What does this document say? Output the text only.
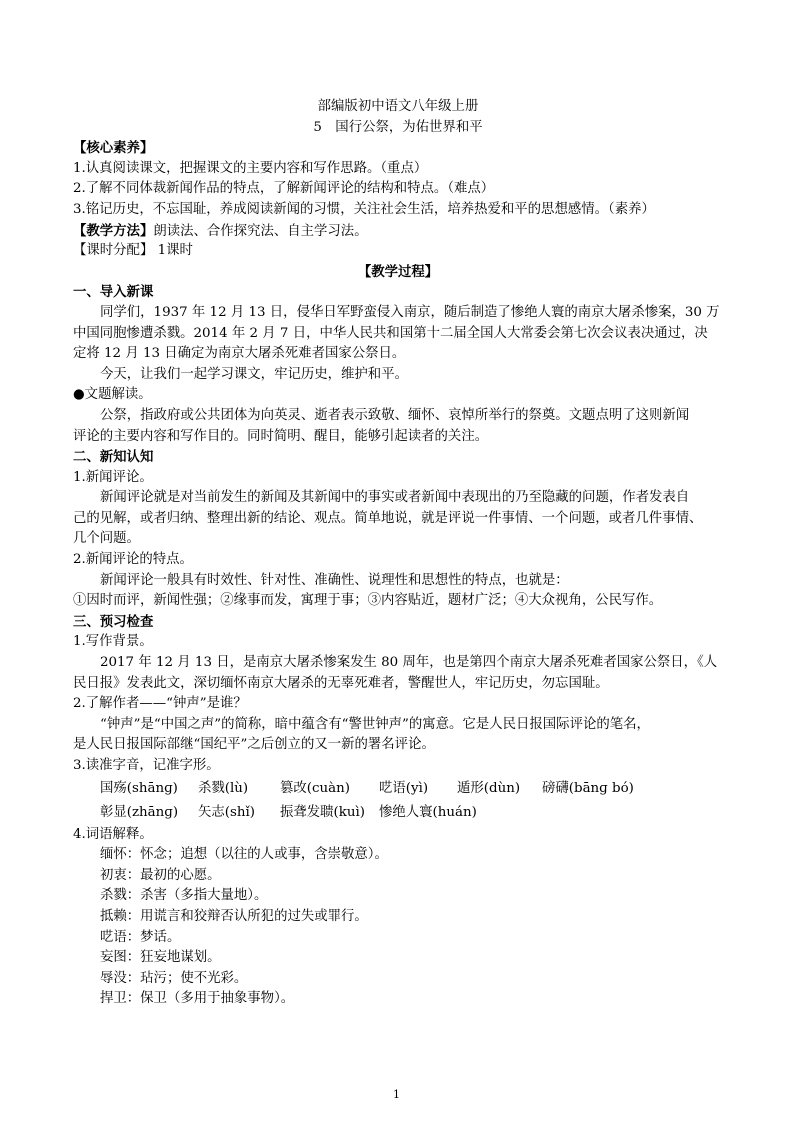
部编版初中语文八年级上册
5　国行公祭，为佑世界和平
【核心素养】
1.认真阅读课文，把握课文的主要内容和写作思路。（重点）
2.了解不同体裁新闻作品的特点，了解新闻评论的结构和特点。（难点）
3.铭记历史，不忘国耻，养成阅读新闻的习惯，关注社会生活，培养热爱和平的思想感情。（素养）
【教学方法】朗读法、合作探究法、自主学习法。
【课时分配】 1课时
【教学过程】
一、导入新课
同学们，1937 年 12 月 13 日，侵华日军野蛮侵入南京，随后制造了惨绝人寰的南京大屠杀惨案，30 万
中国同胞惨遭杀戮。2014 年 2 月 7 日，中华人民共和国第十二届全国人大常委会第七次会议表决通过，决
定将 12 月 13 日确定为南京大屠杀死难者国家公祭日。
今天，让我们一起学习课文，牢记历史，维护和平。
●文题解读。
公祭，指政府或公共团体为向英灵、逝者表示致敬、缅怀、哀悼所举行的祭奠。文题点明了这则新闻
评论的主要内容和写作目的。同时简明、醒目，能够引起读者的关注。
二、新知认知
1.新闻评论。
新闻评论就是对当前发生的新闻及其新闻中的事实或者新闻中表现出的乃至隐藏的问题，作者发表自
己的见解，或者归纳、整理出新的结论、观点。简单地说，就是评说一件事情、一个问题，或者几件事情、
几个问题。
2.新闻评论的特点。
新闻评论一般具有时效性、针对性、准确性、说理性和思想性的特点，也就是：
①因时而评，新闻性强；②缘事而发，寓理于事；③内容贴近，题材广泛；④大众视角，公民写作。
三、预习检查
1.写作背景。
2017 年 12 月 13 日，是南京大屠杀惨案发生 80 周年，也是第四个南京大屠杀死难者国家公祭日，《人
民日报》发表此文，深切缅怀南京大屠杀的无辜死难者，警醒世人，牢记历史，勿忘国耻。
2.了解作者——“钟声”是谁？
“钟声”是“中国之声”的简称，暗中蕴含有“警世钟声”的寓意。它是人民日报国际评论的笔名，
是人民日报国际部继“国纪平”之后创立的又一新的署名评论。
3.读准字音，记准字形。
国殇(shānɡ) 杀戮(lù) 篡改(cuàn) 呓语(yì) 遁形(dùn) 磅礴(bānɡ bó)
彰显(zhānɡ) 矢志(shǐ) 振聋发聩(kuì) 惨绝人寰(huán)
4.词语解释。
缅怀：怀念；追想（以往的人或事，含崇敬意）。
初衷：最初的心愿。
杀戮：杀害（多指大量地）。
抵赖：用谎言和狡辩否认所犯的过失或罪行。
呓语：梦话。
妄图：狂妄地谋划。
辱没：玷污；使不光彩。
捍卫：保卫（多用于抽象事物）。
1
